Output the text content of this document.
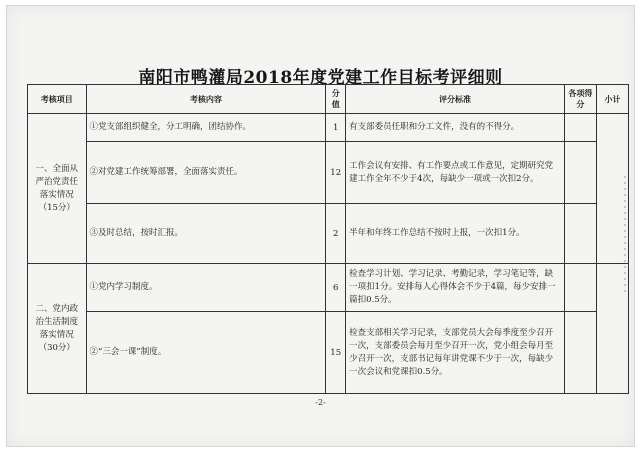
南阳市鸭灌局2018年度党建工作目标考评细则
考核项目	考核内容	分值	评分标准	各项得分	小计
一、全面从严治党责任落实情况（15分）	①党支部组织健全，分工明确，团结协作。	1	有支部委员任职和分工文件，没有的不得分。		
	②对党建工作统筹部署，全面落实责任。	12	工作会议有安排、有工作要点或工作意见，定期研究党建工作全年不少于4次，每缺少一项或一次扣2分。		
	③及时总结，按时汇报。	2	半年和年终工作总结不按时上报，一次扣1分。		
二、党内政治生活制度落实情况（30分）	①党内学习制度。	6	检查学习计划、学习记录、考勤记录，学习笔记等，缺一项扣1分。安排每人心得体会不少于4篇，每少安排一篇扣0.5分。		
	②“三会一课”制度。	15	检查支部相关学习记录，支部党员大会每季度至少召开一次，支部委员会每月至少召开一次，党小组会每月至少召开一次，支部书记每年讲党课不少于一次，每缺少一次会议和党课扣0.5分。		
-2-
